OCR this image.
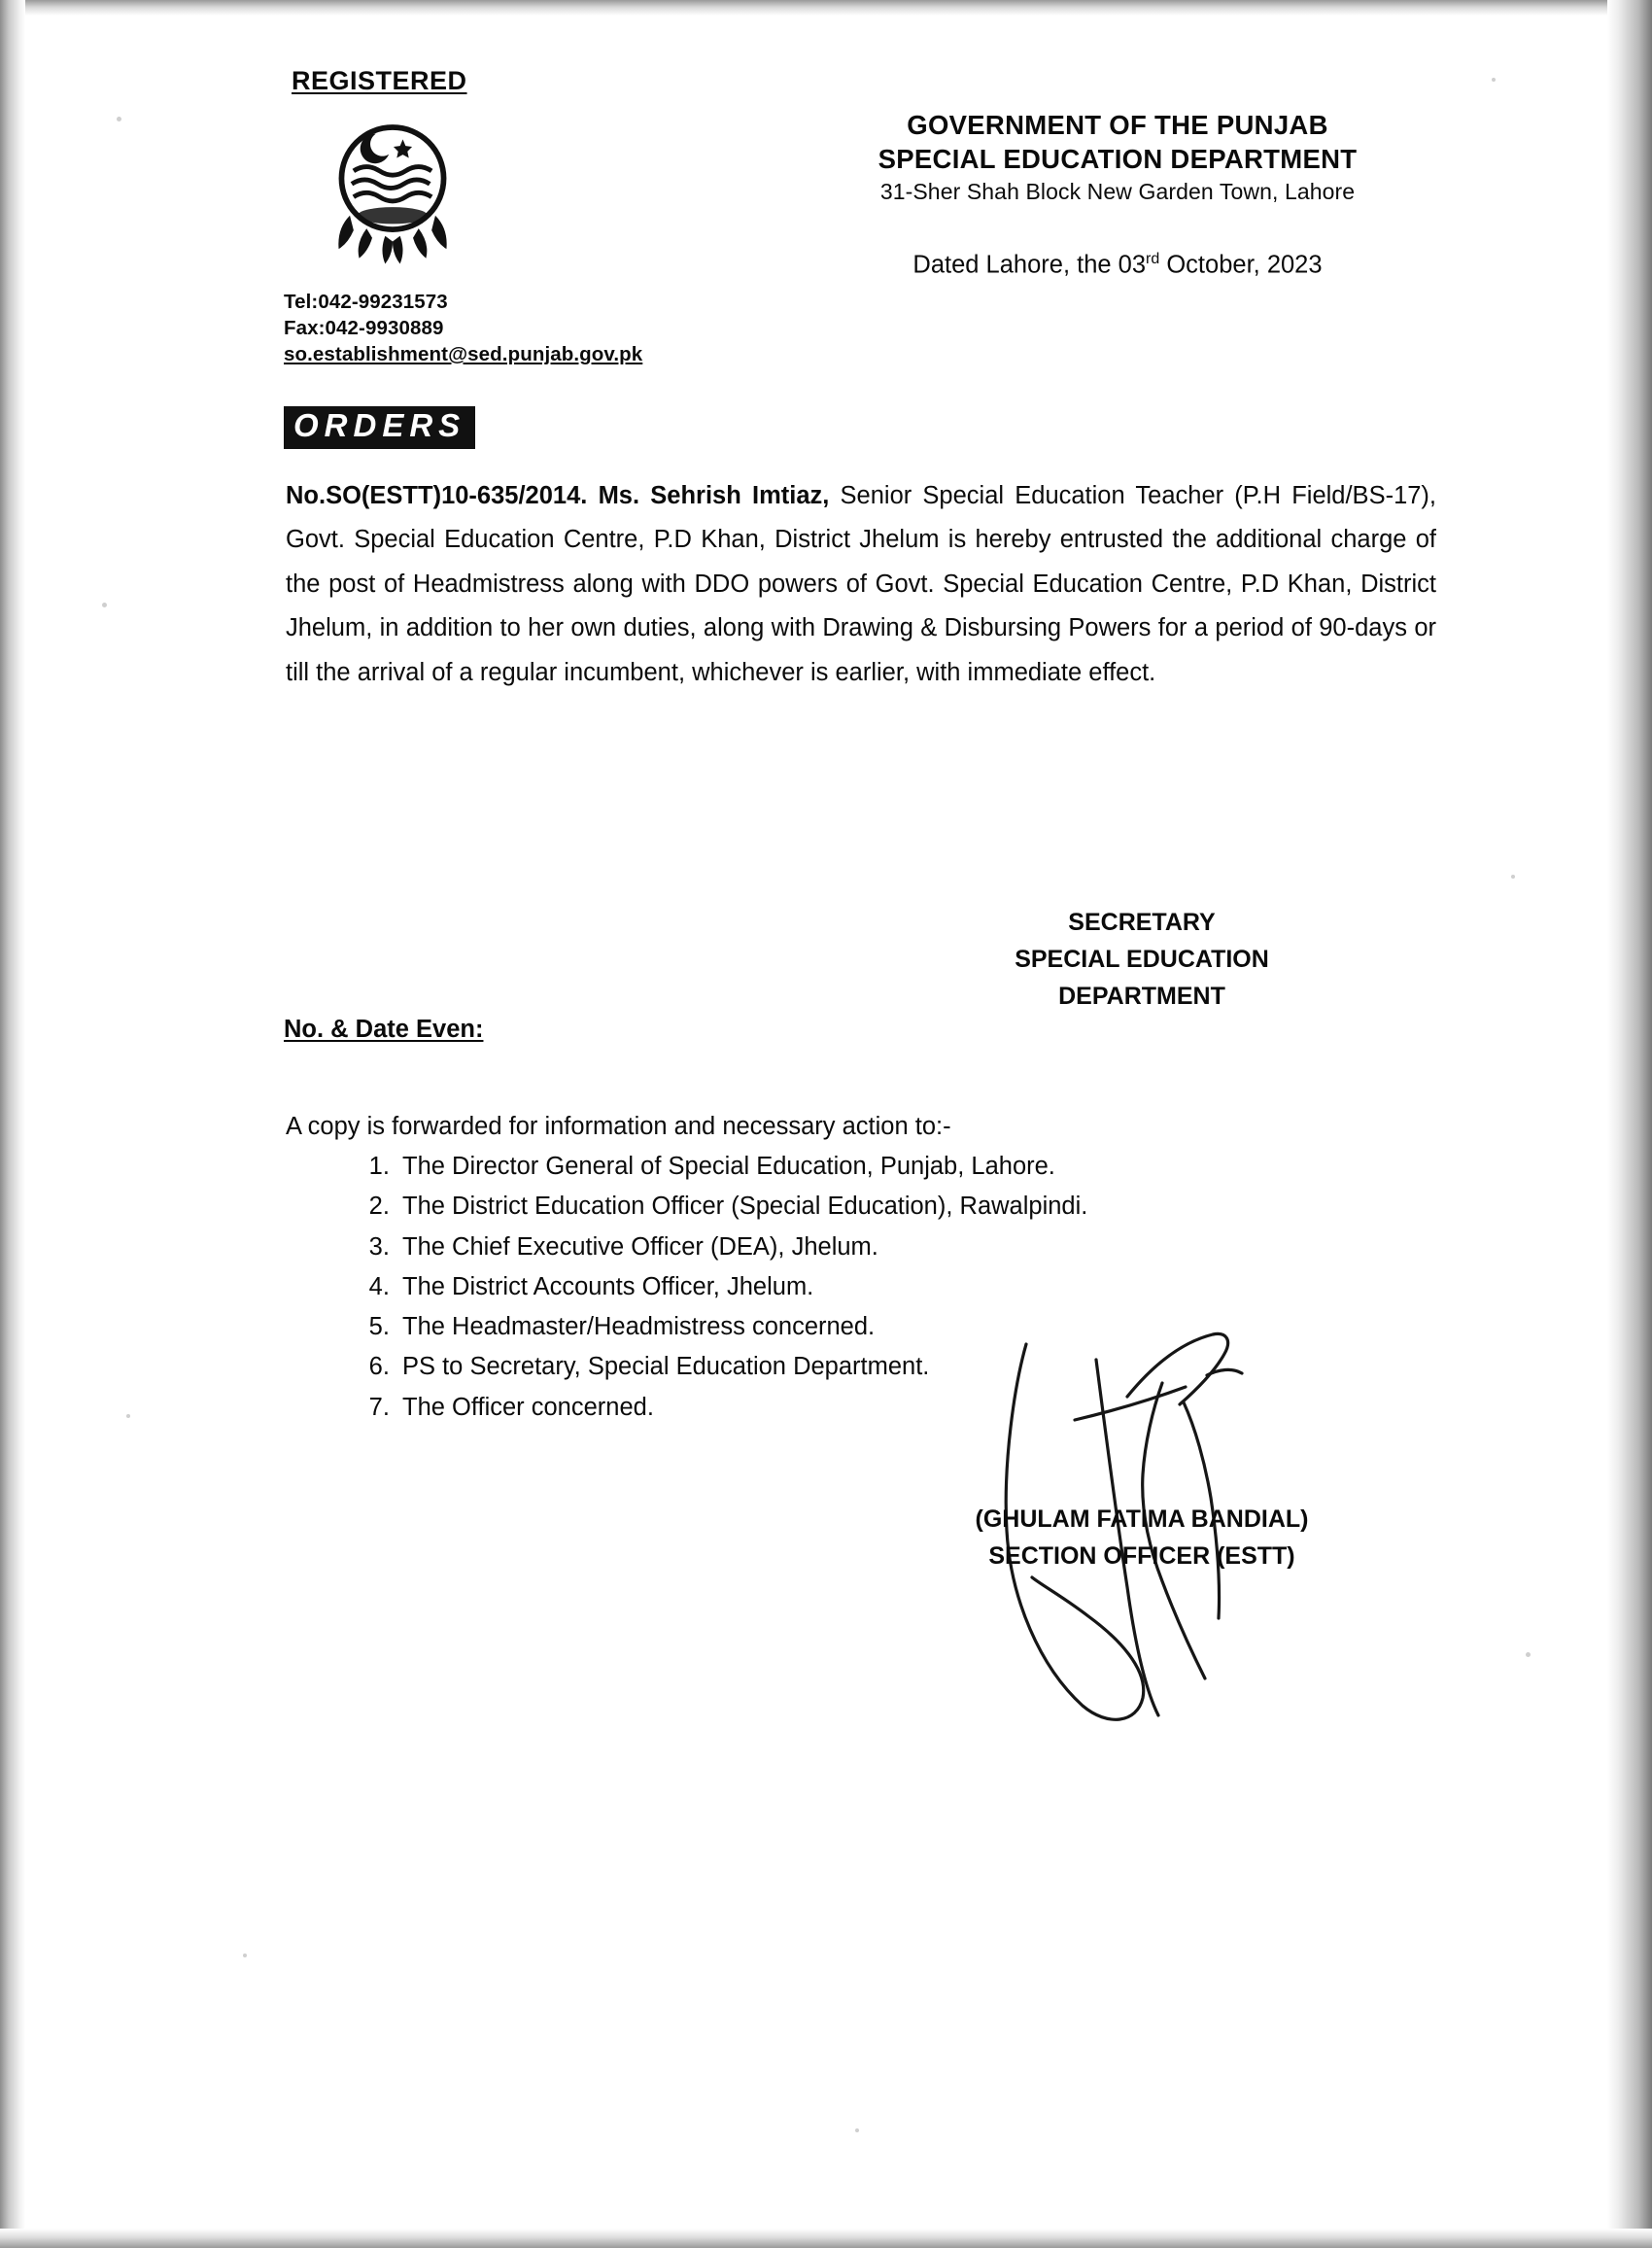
REGISTERED
Tel:042-99231573
Fax:042-9930889
so.establishment@sed.punjab.gov.pk
GOVERNMENT OF THE PUNJAB
SPECIAL EDUCATION DEPARTMENT
31-Sher Shah Block New Garden Town, Lahore
Dated Lahore, the 03rd October, 2023
ORDERS
No.SO(ESTT)10-635/2014. Ms. Sehrish Imtiaz, Senior Special Education Teacher (P.H Field/BS-17), Govt. Special Education Centre, P.D Khan, District Jhelum is hereby entrusted the additional charge of the post of Headmistress along with DDO powers of Govt. Special Education Centre, P.D Khan, District Jhelum, in addition to her own duties, along with Drawing & Disbursing Powers for a period of 90-days or till the arrival of a regular incumbent, whichever is earlier, with immediate effect.
SECRETARY
SPECIAL EDUCATION
DEPARTMENT
No. & Date Even:
A copy is forwarded for information and necessary action to:-
1. The Director General of Special Education, Punjab, Lahore.
2. The District Education Officer (Special Education), Rawalpindi.
3. The Chief Executive Officer (DEA), Jhelum.
4. The District Accounts Officer, Jhelum.
5. The Headmaster/Headmistress concerned.
6. PS to Secretary, Special Education Department.
7. The Officer concerned.
(GHULAM FATIMA BANDIAL)
SECTION OFFICER (ESTT)
